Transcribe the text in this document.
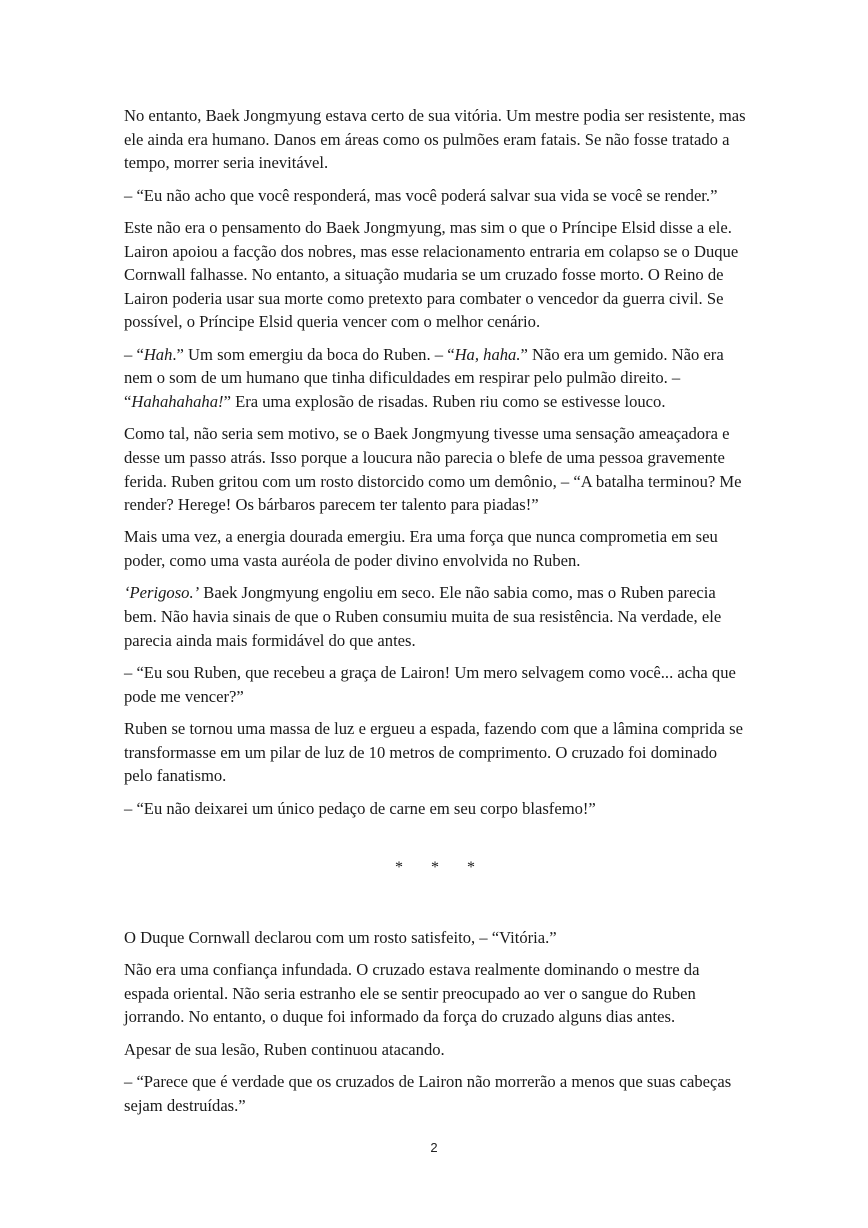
No entanto, Baek Jongmyung estava certo de sua vitória. Um mestre podia ser resistente, mas ele ainda era humano. Danos em áreas como os pulmões eram fatais. Se não fosse tratado a tempo, morrer seria inevitável.

– “Eu não acho que você responderá, mas você poderá salvar sua vida se você se render.”

Este não era o pensamento do Baek Jongmyung, mas sim o que o Príncipe Elsid disse a ele. Lairon apoiou a facção dos nobres, mas esse relacionamento entraria em colapso se o Duque Cornwall falhasse. No entanto, a situação mudaria se um cruzado fosse morto. O Reino de Lairon poderia usar sua morte como pretexto para combater o vencedor da guerra civil. Se possível, o Príncipe Elsid queria vencer com o melhor cenário.

– “Hah.” Um som emergiu da boca do Ruben. – “Ha, haha.” Não era um gemido. Não era nem o som de um humano que tinha dificuldades em respirar pelo pulmão direito. – “Hahahahaha!” Era uma explosão de risadas. Ruben riu como se estivesse louco.

Como tal, não seria sem motivo, se o Baek Jongmyung tivesse uma sensação ameaçadora e desse um passo atrás. Isso porque a loucura não parecia o blefe de uma pessoa gravemente ferida. Ruben gritou com um rosto distorcido como um demônio, – “A batalha terminou? Me render? Herege! Os bárbaros parecem ter talento para piadas!”

Mais uma vez, a energia dourada emergiu. Era uma força que nunca comprometia em seu poder, como uma vasta auréola de poder divino envolvida no Ruben.

‘Perigoso.’ Baek Jongmyung engoliu em seco. Ele não sabia como, mas o Ruben parecia bem. Não havia sinais de que o Ruben consumiu muita de sua resistência. Na verdade, ele parecia ainda mais formidável do que antes.

– “Eu sou Ruben, que recebeu a graça de Lairon! Um mero selvagem como você... acha que pode me vencer?”

Ruben se tornou uma massa de luz e ergueu a espada, fazendo com que a lâmina comprida se transformasse em um pilar de luz de 10 metros de comprimento. O cruzado foi dominado pelo fanatismo.

– “Eu não deixarei um único pedaço de carne em seu corpo blasfemo!”

* * *

O Duque Cornwall declarou com um rosto satisfeito, – “Vitória.”

Não era uma confiança infundada. O cruzado estava realmente dominando o mestre da espada oriental. Não seria estranho ele se sentir preocupado ao ver o sangue do Ruben jorrando. No entanto, o duque foi informado da força do cruzado alguns dias antes.

Apesar de sua lesão, Ruben continuou atacando.

– “Parece que é verdade que os cruzados de Lairon não morrerão a menos que suas cabeças sejam destruídas.”

2
